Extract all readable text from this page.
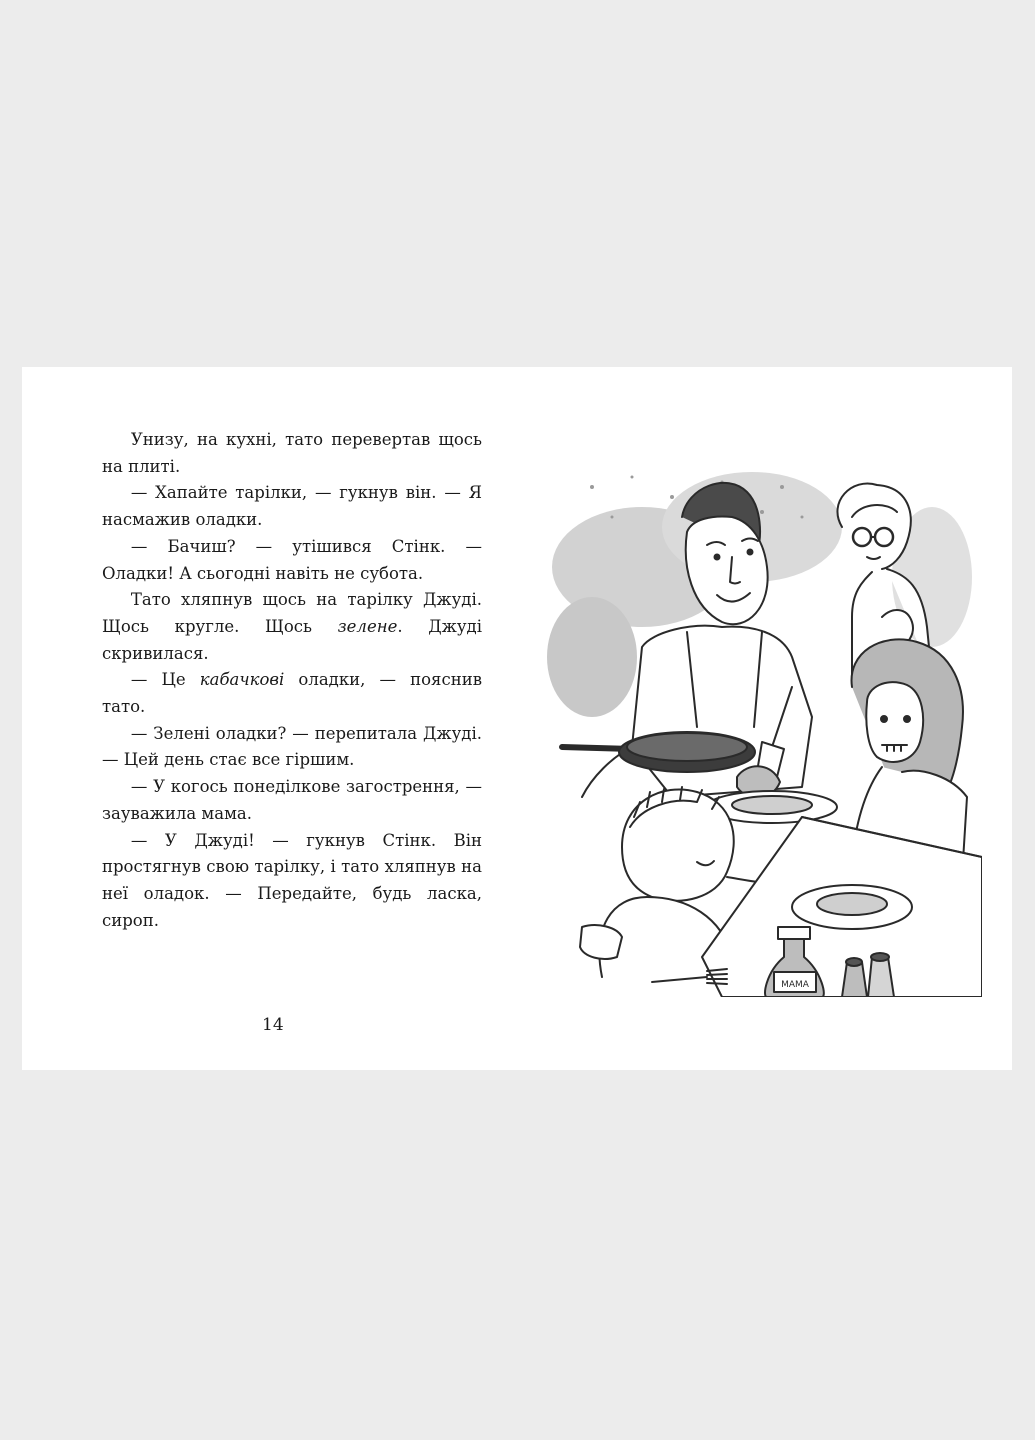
Унизу, на кухні, тато перевертав щось на плиті.

— Хапайте тарілки, — гукнув він. — Я насмажив оладки.

— Бачиш? — утішився Стінк. — Оладки! А сьогодні навіть не субота.

Тато хляпнув щось на тарілку Джуді. Щось кругле. Щось зелене. Джуді скривилася.

— Це кабачкові оладки, — пояснив тато.

— Зелені оладки? — перепитала Джуді. — Цей день стає все гіршим.

— У когось понеділкове загострення, — зауважила мама.

— У Джуді! — гукнув Стінк. Він простягнув свою тарілку, і тато хляпнув на неї оладок. — Передайте, будь ласка, сироп.

14
MAMA
